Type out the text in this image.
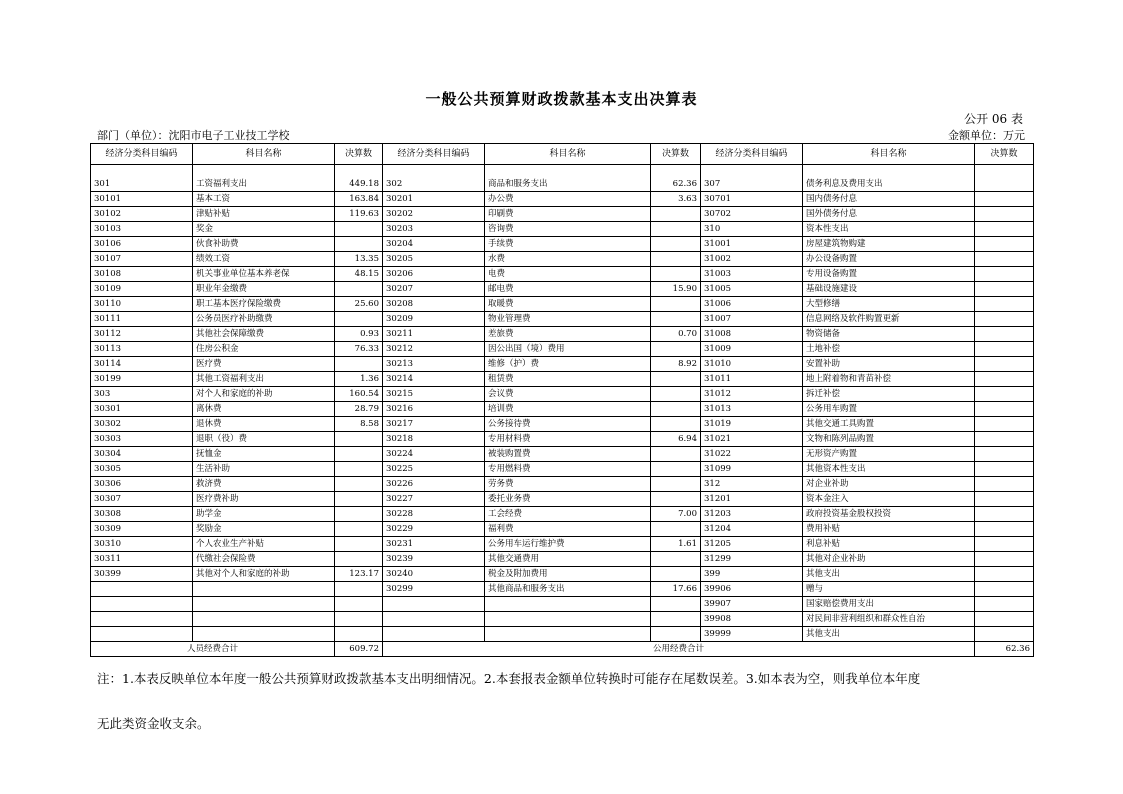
一般公共预算财政拨款基本支出决算表
公开 06 表
部门（单位）：沈阳市电子工业技工学校	金额单位：万元
经济分类科目编码	科目名称	决算数	经济分类科目编码	科目名称	决算数	经济分类科目编码	科目名称	决算数
301	工资福利支出	449.18	302	商品和服务支出	62.36	307	债务利息及费用支出	
30101	基本工资	163.84	30201	办公费	3.63	30701	国内债务付息	
30102	津贴补贴	119.63	30202	印刷费		30702	国外债务付息	
30103	奖金		30203	咨询费		310	资本性支出	
30106	伙食补助费		30204	手续费		31001	房屋建筑物购建	
30107	绩效工资	13.35	30205	水费		31002	办公设备购置	
30108	机关事业单位基本养老保	48.15	30206	电费		31003	专用设备购置	
30109	职业年金缴费		30207	邮电费	15.90	31005	基础设施建设	
30110	职工基本医疗保险缴费	25.60	30208	取暖费		31006	大型修缮	
30111	公务员医疗补助缴费		30209	物业管理费		31007	信息网络及软件购置更新	
30112	其他社会保障缴费	0.93	30211	差旅费	0.70	31008	物资储备	
30113	住房公积金	76.33	30212	因公出国（境）费用		31009	土地补偿	
30114	医疗费		30213	维修（护）费	8.92	31010	安置补助	
30199	其他工资福利支出	1.36	30214	租赁费		31011	地上附着物和青苗补偿	
303	对个人和家庭的补助	160.54	30215	会议费		31012	拆迁补偿	
30301	离休费	28.79	30216	培训费		31013	公务用车购置	
30302	退休费	8.58	30217	公务接待费		31019	其他交通工具购置	
30303	退职（役）费		30218	专用材料费	6.94	31021	文物和陈列品购置	
30304	抚恤金		30224	被装购置费		31022	无形资产购置	
30305	生活补助		30225	专用燃料费		31099	其他资本性支出	
30306	救济费		30226	劳务费		312	对企业补助	
30307	医疗费补助		30227	委托业务费		31201	资本金注入	
30308	助学金		30228	工会经费	7.00	31203	政府投资基金股权投资	
30309	奖励金		30229	福利费		31204	费用补贴	
30310	个人农业生产补贴		30231	公务用车运行维护费	1.61	31205	利息补贴	
30311	代缴社会保险费		30239	其他交通费用		31299	其他对企业补助	
30399	其他对个人和家庭的补助	123.17	30240	税金及附加费用		399	其他支出	
			30299	其他商品和服务支出	17.66	39906	赠与	
						39907	国家赔偿费用支出	
						39908	对民间非营利组织和群众性自治	
						39999	其他支出	
人员经费合计		609.72	公用经费合计					62.36
注：1.本表反映单位本年度一般公共预算财政拨款基本支出明细情况。2.本套报表金额单位转换时可能存在尾数误差。3.如本表为空，则我单位本年度
无此类资金收支余。
